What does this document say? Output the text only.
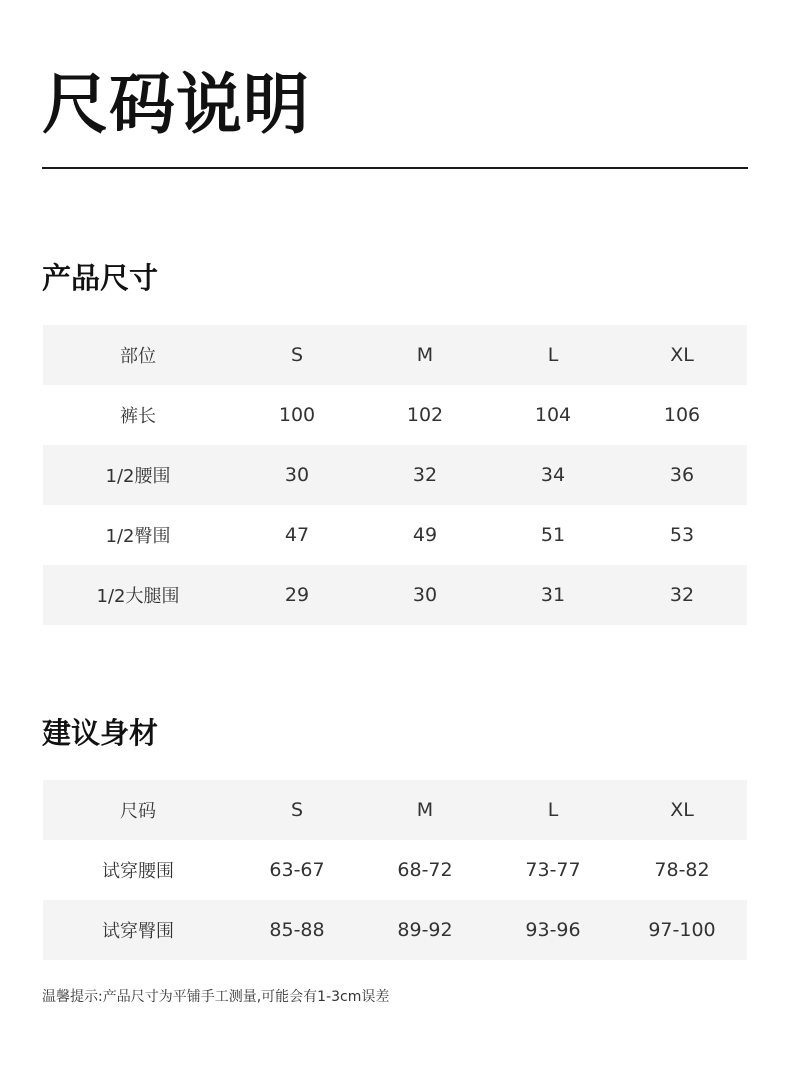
尺码说明
产品尺寸
部位	S	M	L	XL
裤长	100	102	104	106
1/2腰围	30	32	34	36
1/2臀围	47	49	51	53
1/2大腿围	29	30	31	32
建议身材
尺码	S	M	L	XL
试穿腰围	63-67	68-72	73-77	78-82
试穿臀围	85-88	89-92	93-96	97-100
温馨提示:产品尺寸为平铺手工测量,可能会有1-3cm误差
